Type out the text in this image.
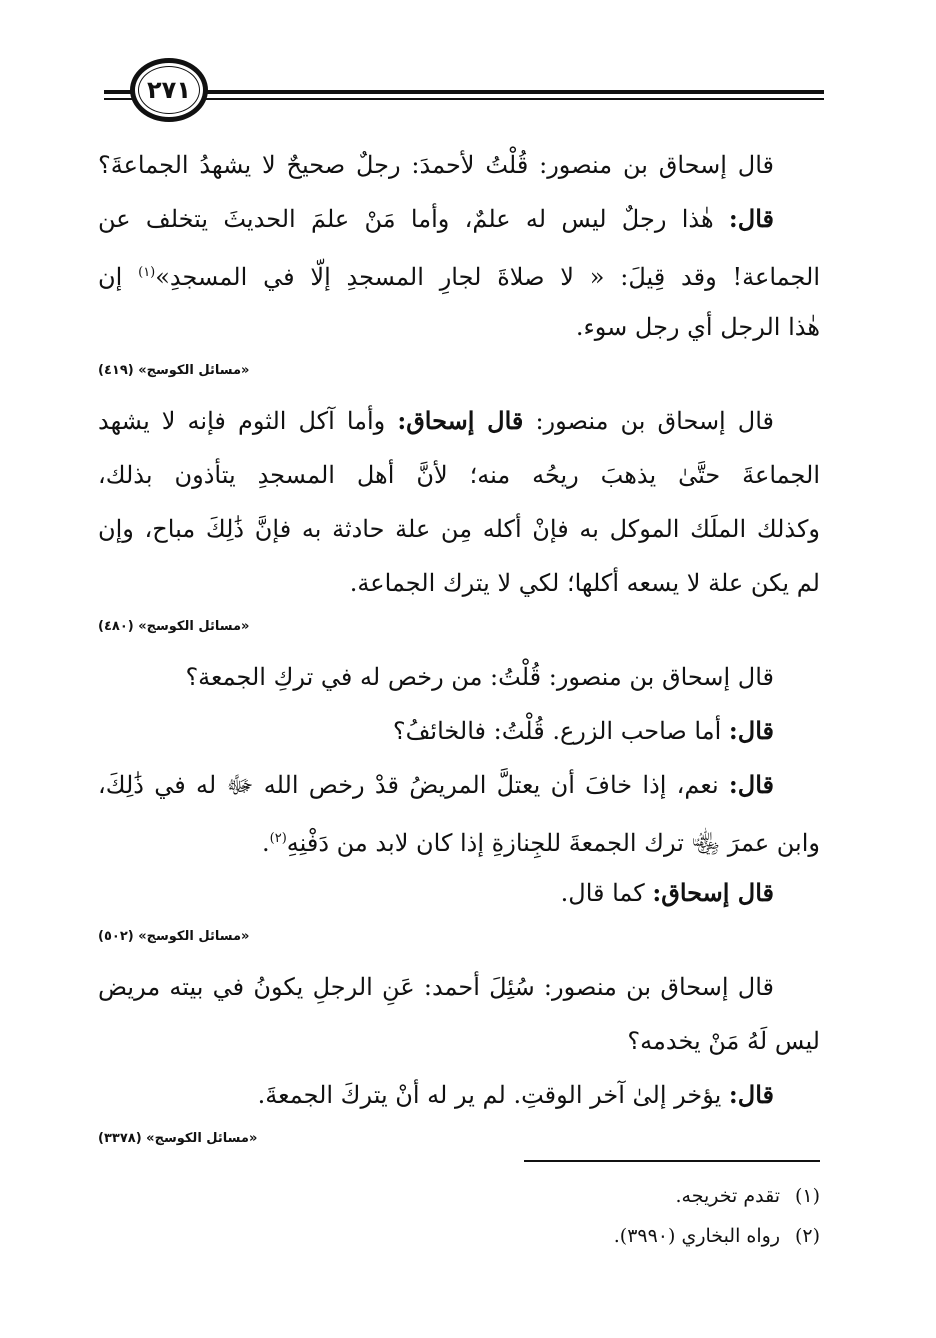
٢٧١
قال إسحاق بن منصور: قُلْتُ لأحمدَ: رجلٌ صحيحٌ لا يشهدُ الجماعةَ؟
قال: هٰذا رجلٌ ليس له علمٌ، وأما مَنْ علمَ الحديثَ يتخلف عن
الجماعة! وقد قِيلَ: « لا صلاةَ لجارِ المسجدِ إلّا في المسجدِ»$^{(١)}$ إن
هٰذا الرجل أي رجل سوء.
«مسائل الكوسج» (٤١٩)
قال إسحاق بن منصور: قال إسحاق: وأما آكل الثوم فإنه لا يشهد
الجماعةَ حتَّىٰ يذهبَ ريحُه منه؛ لأنَّ أهل المسجدِ يتأذون بذلك،
وكذلك الملَك الموكل به فإنْ أكله مِن علة حادثة به فإنَّ ذَٰلِكَ مباح، وإن
لم يكن علة لا يسعه أكلها؛ لكي لا يترك الجماعة.
«مسائل الكوسج» (٤٨٠)
قال إسحاق بن منصور: قُلْتُ: من رخص له في تركِ الجمعة؟
قال: أما صاحب الزرع. قُلْتُ: فالخائفُ؟
قال: نعم، إذا خافَ أن يعتلَّ المريضُ قدْ رخص الله ﷻ له في ذَٰلِكَ،
وابن عمرَ ﵄ ترك الجمعةَ للجِنازةِ إذا كان لابد من دَفْنِهِ$^{(٢)}$.
قال إسحاق: كما قال.
«مسائل الكوسج» (٥٠٢)
قال إسحاق بن منصور: سُئِلَ أحمد: عَنِ الرجلِ يكونُ في بيته مريض
ليس لَهُ مَنْ يخدمه؟
قال: يؤخر إلىٰ آخر الوقتِ. لم ير له أنْ يتركَ الجمعةَ.
«مسائل الكوسج» (٣٣٧٨)
(١)تقدم تخريجه.
(٢)رواه البخاري (٣٩٩٠).
